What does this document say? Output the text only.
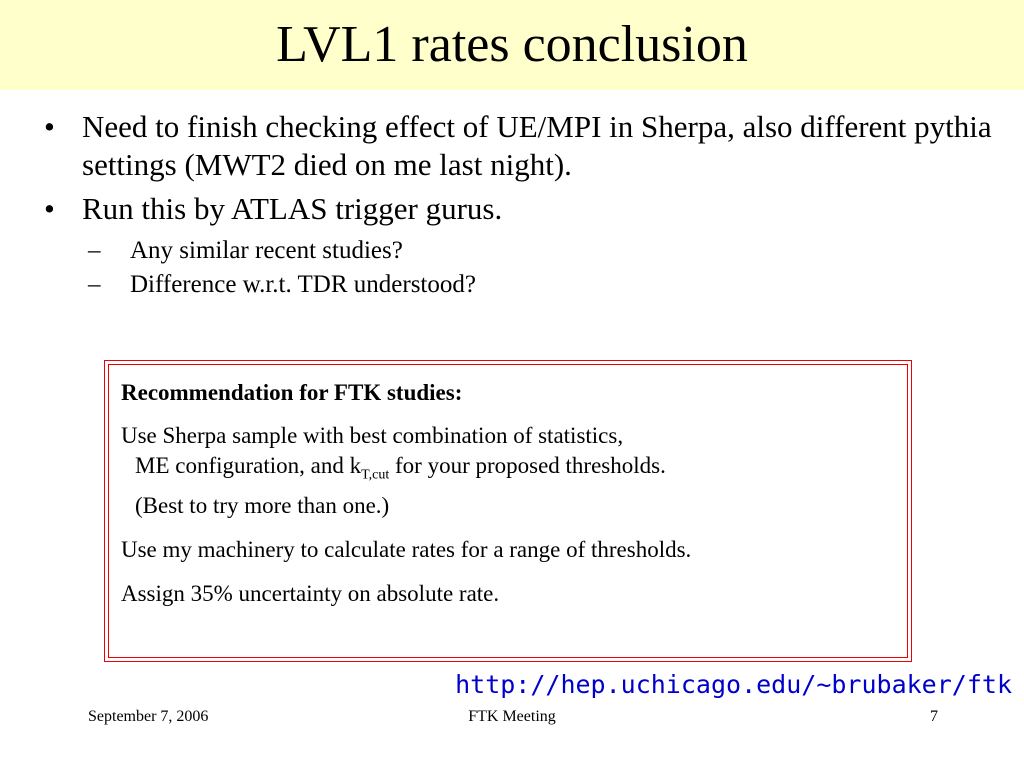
LVL1 rates conclusion
• Need to finish checking effect of UE/MPI in Sherpa, also different pythia settings (MWT2 died on me last night).
• Run this by ATLAS trigger gurus.
– Any similar recent studies?
– Difference w.r.t. TDR understood?
Recommendation for FTK studies:
Use Sherpa sample with best combination of statistics,
ME configuration, and $k_{T,cut}$ for your proposed thresholds.
(Best to try more than one.)
Use my machinery to calculate rates for a range of thresholds.
Assign 35% uncertainty on absolute rate.
http://hep.uchicago.edu/~brubaker/ftk
September 7, 2006	FTK Meeting	7
